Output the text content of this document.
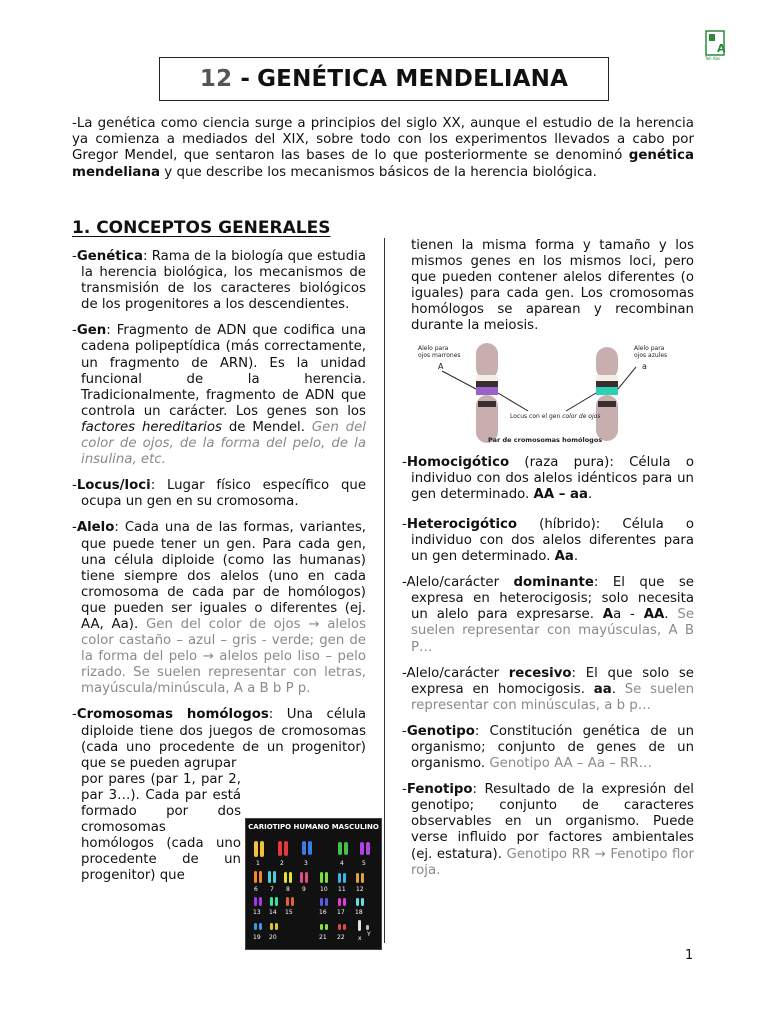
A
Tell Abs
12 - GENÉTICA MENDELIANA
-La genética como ciencia surge a principios del siglo XX, aunque el estudio de la herencia ya comienza a mediados del XIX, sobre todo con los experimentos llevados a cabo por Gregor Mendel, que sentaron las bases de lo que posteriormente se denominó genética mendeliana y que describe los mecanismos básicos de la herencia biológica.
1. CONCEPTOS GENERALES
-Genética: Rama de la biología que estudia la herencia biológica, los mecanismos de transmisión de los caracteres biológicos de los progenitores a los descendientes.
-Gen: Fragmento de ADN que codifica una cadena polipeptídica (más correctamente, un fragmento de ARN). Es la unidad funcional de la herencia. Tradicionalmente, fragmento de ADN que controla un carácter. Los genes son los factores hereditarios de Mendel. Gen del color de ojos, de la forma del pelo, de la insulina, etc.
-Locus/loci: Lugar físico específico que ocupa un gen en su cromosoma.
-Alelo: Cada una de las formas, variantes, que puede tener un gen. Para cada gen, una célula diploide (como las humanas) tiene siempre dos alelos (uno en cada cromosoma de cada par de homólogos) que pueden ser iguales o diferentes (ej. AA, Aa). Gen del color de ojos → alelos color castaño – azul – gris - verde; gen de la forma del pelo → alelos pelo liso – pelo rizado. Se suelen representar con letras, mayúscula/minúscula, A a B b P p.
-Cromosomas homólogos: Una célula diploide tiene dos juegos de cromosomas (cada uno procedente de un progenitor) que se pueden agrupar
por pares (par 1, par 2, par 3…). Cada par está formado por dos cromosomas homólogos (cada uno procedente de un progenitor) que
CARIOTIPO HUMANO MASCULINO
1	2	3	4	5
6 7 8 9 10 11 12
13 14 15	16 17 18
19 20	21 22 x
Y
tienen la misma forma y tamaño y los mismos genes en los mismos loci, pero que pueden contener alelos diferentes (o iguales) para cada gen. Los cromosomas homólogos se aparean y recombinan durante la meiosis.
Alelo para
ojos marrones
A
Alelo para
ojos azules
a
Locus con el gen color de ojos
Par de cromosomas homólogos
-Homocigótico (raza pura): Célula o individuo con dos alelos idénticos para un gen determinado. AA – aa.
-Heterocigótico (híbrido): Célula o individuo con dos alelos diferentes para un gen determinado. Aa.
-Alelo/carácter dominante: El que se expresa en heterocigosis; solo necesita un alelo para expresarse. Aa - AA. Se suelen representar con mayúsculas, A B P…
-Alelo/carácter recesivo: El que solo se expresa en homocigosis. aa. Se suelen representar con minúsculas, a b p…
-Genotipo: Constitución genética de un organismo; conjunto de genes de un organismo. Genotipo AA – Aa – RR…
-Fenotipo: Resultado de la expresión del genotipo; conjunto de caracteres observables en un organismo. Puede verse influido por factores ambientales (ej. estatura). Genotipo RR → Fenotipo flor roja.
1
